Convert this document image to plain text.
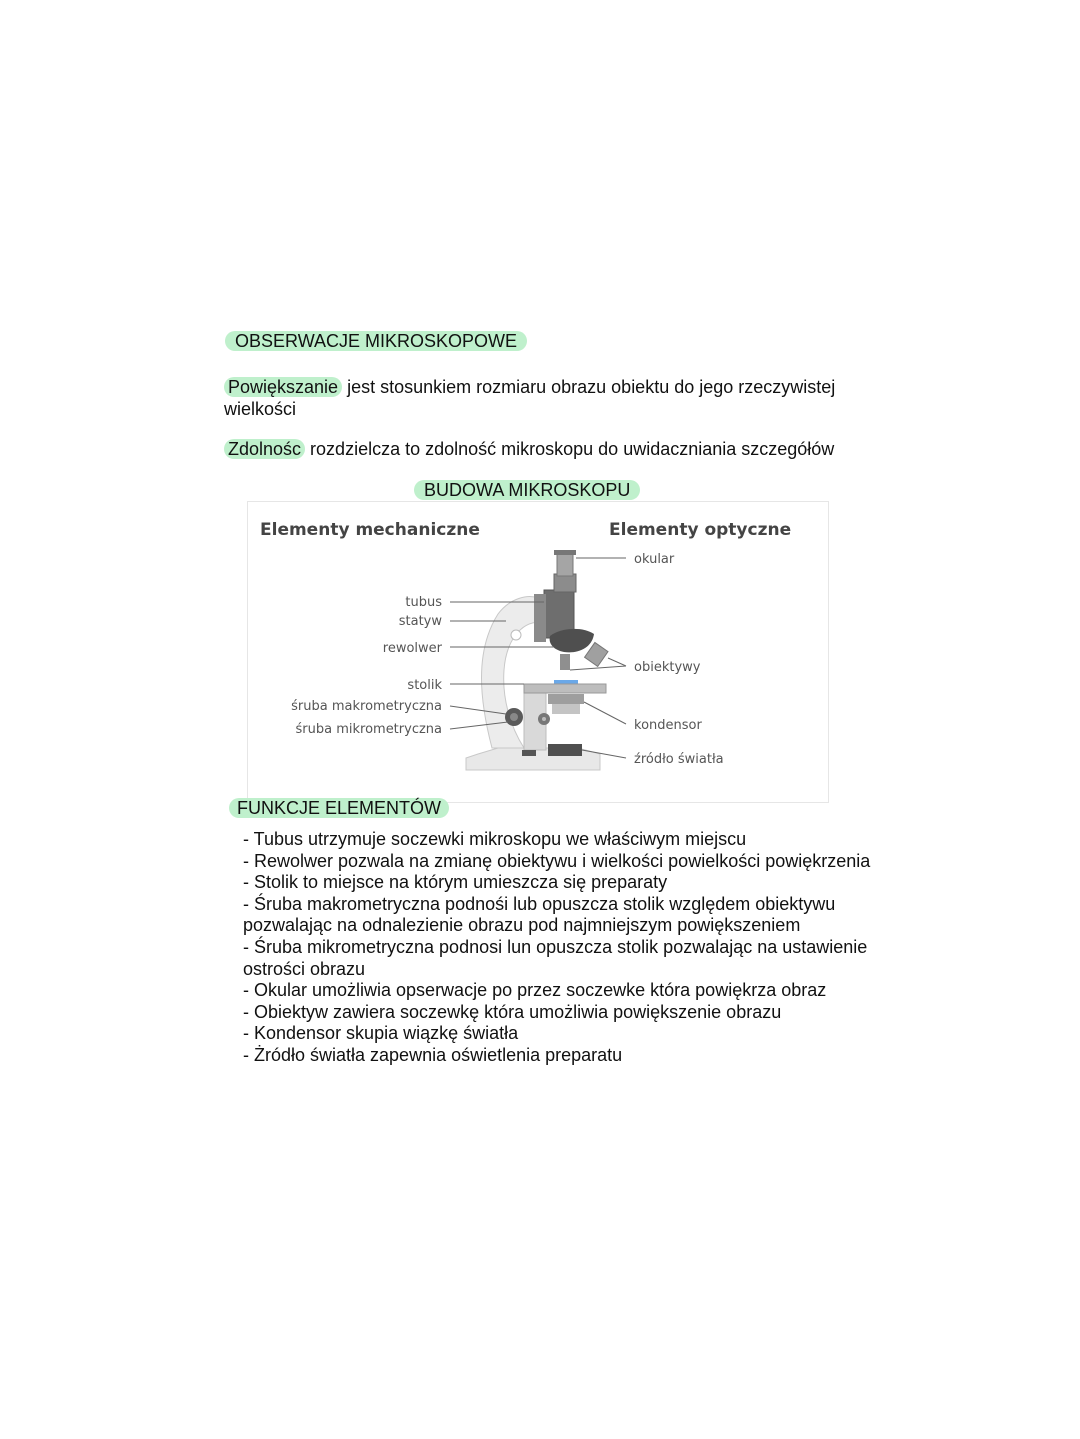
OBSERWACJE MIKROSKOPOWE
Powiększanie jest stosunkiem rozmiaru obrazu obiektu do jego rzeczywistej wielkości
Zdolnośc rozdzielcza to zdolność mikroskopu do uwidaczniania szczegółów
BUDOWA MIKROSKOPU
Elementy mechaniczne	Elementy optyczne
tubus
statyw
rewolwer
stolik
śruba makrometryczna
śruba mikrometryczna
okular
obiektywy
kondensor
źródło światła
FUNKCJE ELEMENTÓW
- Tubus utrzymuje soczewki mikroskopu we właściwym miejscu
- Rewolwer pozwala na zmianę obiektywu i wielkości powielkości powiękrzenia
- Stolik to miejsce na którym umieszcza się preparaty
- Śruba makrometryczna podnośi lub opuszcza stolik względem obiektywu pozwalając na odnalezienie obrazu pod najmniejszym powiększeniem
- Śruba mikrometryczna podnosi lun opuszcza stolik pozwalając na ustawienie ostrości obrazu
- Okular umożliwia opserwacje po przez soczewke która powiękrza obraz
- Obiektyw zawiera soczewkę która umożliwia powiększenie obrazu
- Kondensor skupia wiązkę światła
- Żródło światła zapewnia oświetlenia preparatu
